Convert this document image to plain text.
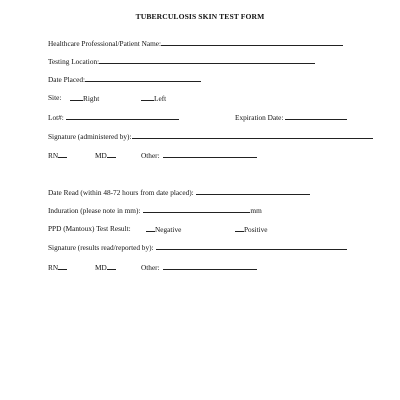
TUBERCULOSIS SKIN TEST FORM
Healthcare Professional/Patient Name:
Testing Location:
Date Placed:
Site:	Right	Left
Lot#:	Expiration Date:
Signature (administered by):
RN	MD	Other:
Date Read (within 48-72 hours from date placed):
Induration (please note in mm):	mm
PPD (Mantoux) Test Result:	Negative	Positive
Signature (results read/reported by):
RN	MD	Other:
